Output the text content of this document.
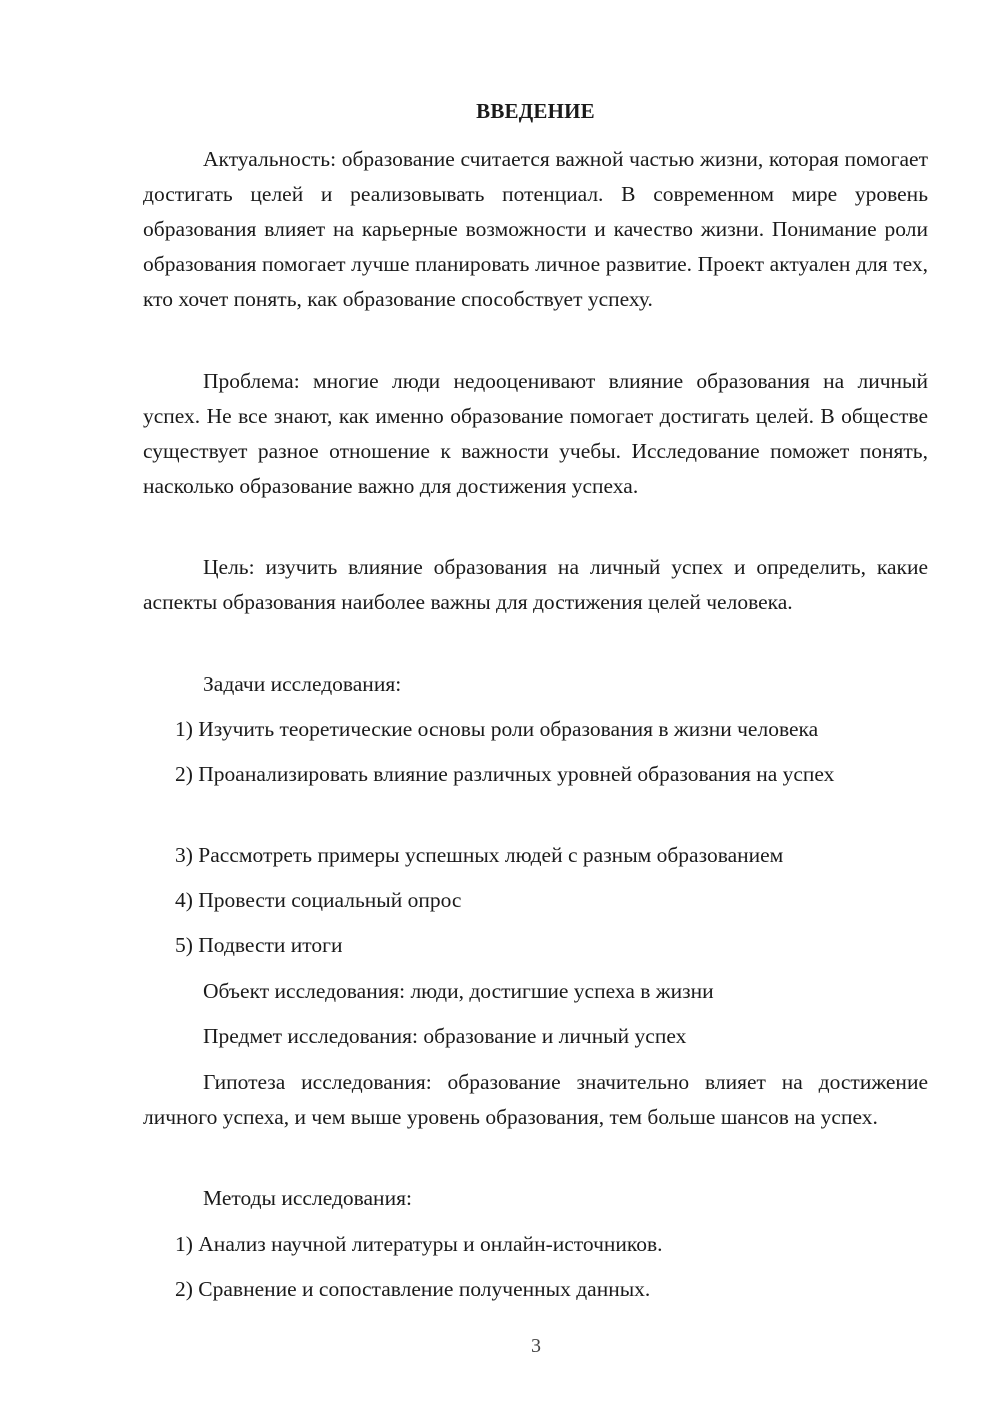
ВВЕДЕНИЕ

Актуальность: образование считается важной частью жизни, которая помогает достигать целей и реализовывать потенциал. В современном мире уровень образования влияет на карьерные возможности и качество жизни. Понимание роли образования помогает лучше планировать личное развитие. Проект актуален для тех, кто хочет понять, как образование способствует успеху.

Проблема: многие люди недооценивают влияние образования на личный успех. Не все знают, как именно образование помогает достигать целей. В обществе существует разное отношение к важности учебы. Исследование поможет понять, насколько образование важно для достижения успеха.

Цель: изучить влияние образования на личный успех и определить, какие аспекты образования наиболее важны для достижения целей человека.

Задачи исследования:

1) Изучить теоретические основы роли образования в жизни человека

2) Проанализировать влияние различных уровней образования на успех

3) Рассмотреть примеры успешных людей с разным образованием

4) Провести социальный опрос

5) Подвести итоги

Объект исследования: люди, достигшие успеха в жизни

Предмет исследования: образование и личный успех

Гипотеза исследования: образование значительно влияет на достижение личного успеха, и чем выше уровень образования, тем больше шансов на успех.

Методы исследования:

1) Анализ научной литературы и онлайн-источников.

2) Сравнение и сопоставление полученных данных.

3
